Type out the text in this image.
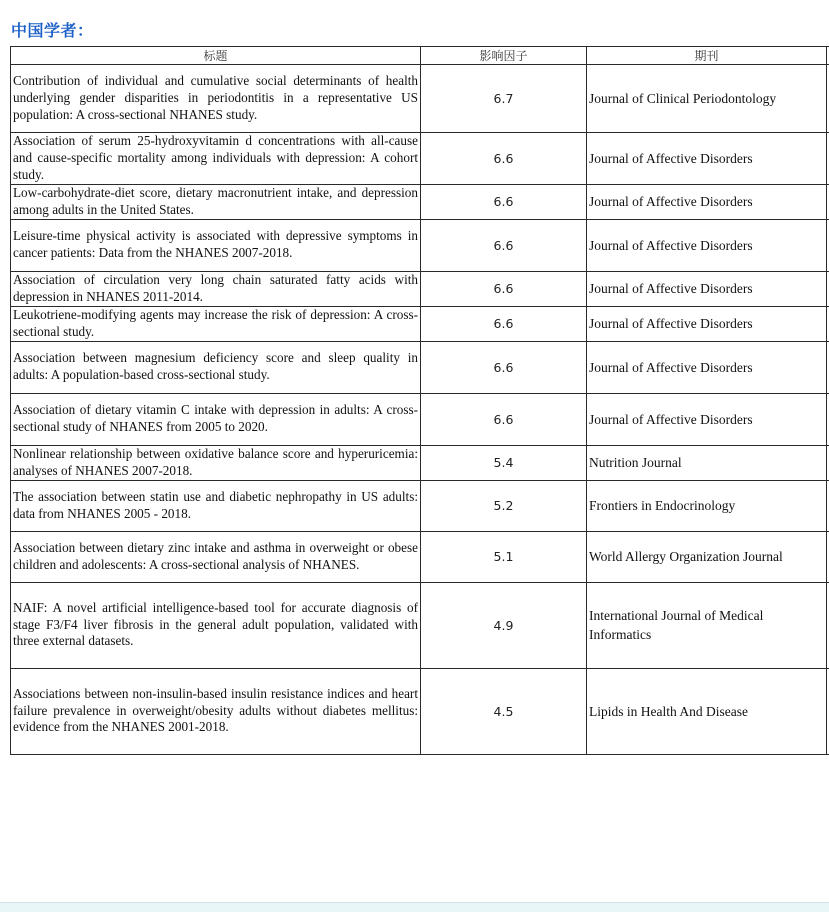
中国学者：
标题	影响因子	期刊	
Contribution of individual and cumulative social determinants of health underlying gender disparities in periodontitis in a representative US population: A cross-sectional NHANES study.	6.7	Journal of Clinical Periodontology	
Association of serum 25-hydroxyvitamin d concentrations with all-cause and cause-specific mortality among individuals with depression: A cohort study.	6.6	Journal of Affective Disorders	
Low-carbohydrate-diet score, dietary macronutrient intake, and depression among adults in the United States.	6.6	Journal of Affective Disorders	
Leisure-time physical activity is associated with depressive symptoms in cancer patients: Data from the NHANES 2007-2018.	6.6	Journal of Affective Disorders	
Association of circulation very long chain saturated fatty acids with depression in NHANES 2011-2014.	6.6	Journal of Affective Disorders	
Leukotriene-modifying agents may increase the risk of depression: A cross-sectional study.	6.6	Journal of Affective Disorders	
Association between magnesium deficiency score and sleep quality in adults: A population-based cross-sectional study.	6.6	Journal of Affective Disorders	
Association of dietary vitamin C intake with depression in adults: A cross-sectional study of NHANES from 2005 to 2020.	6.6	Journal of Affective Disorders	
Nonlinear relationship between oxidative balance score and hyperuricemia: analyses of NHANES 2007-2018.	5.4	Nutrition Journal	
The association between statin use and diabetic nephropathy in US adults: data from NHANES 2005 - 2018.	5.2	Frontiers in Endocrinology	
Association between dietary zinc intake and asthma in overweight or obese children and adolescents: A cross-sectional analysis of NHANES.	5.1	World Allergy Organization Journal	
NAIF: A novel artificial intelligence-based tool for accurate diagnosis of stage F3/F4 liver fibrosis in the general adult population, validated with three external datasets.	4.9	International Journal of Medical Informatics	
Associations between non-insulin-based insulin resistance indices and heart failure prevalence in overweight/obesity adults without diabetes mellitus: evidence from the NHANES 2001-2018.	4.5	Lipids in Health And Disease	
